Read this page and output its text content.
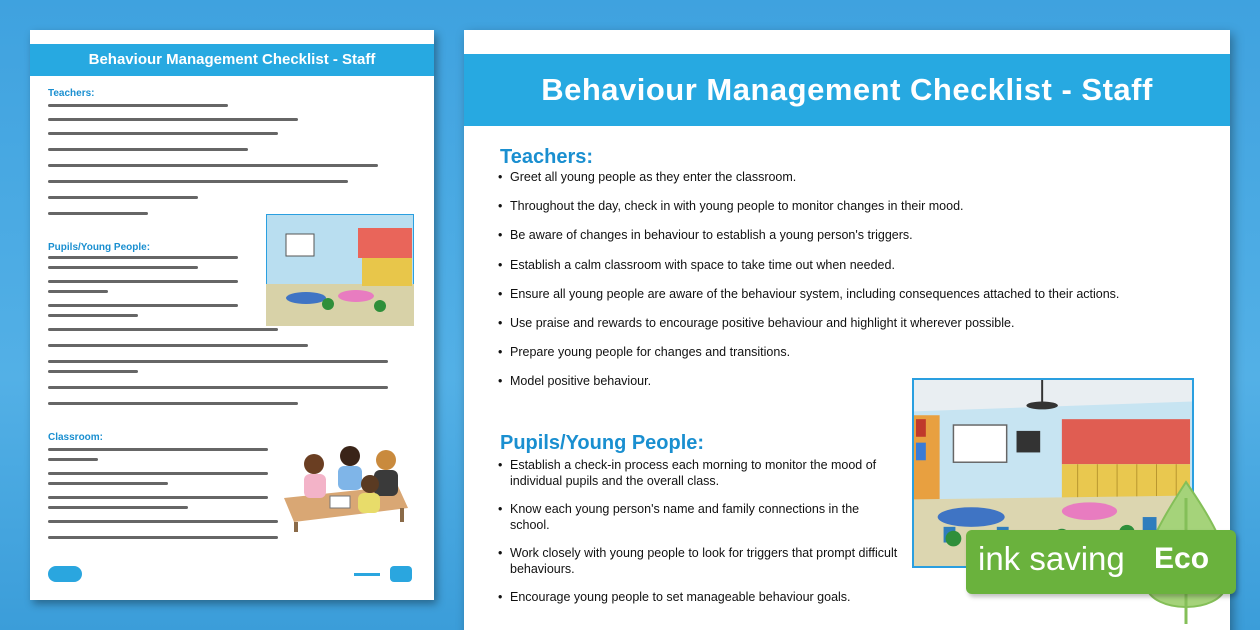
Behaviour Management Checklist - Staff
Teachers:
Pupils/Young People:
Classroom:
Behaviour Management Checklist - Staff
Teachers:
• Greet all young people as they enter the classroom.
• Throughout the day, check in with young people to monitor changes in their mood.
• Be aware of changes in behaviour to establish a young person's triggers.
• Establish a calm classroom with space to take time out when needed.
• Ensure all young people are aware of the behaviour system, including consequences attached to their actions.
• Use praise and rewards to encourage positive behaviour and highlight it wherever possible.
• Prepare young people for changes and transitions.
• Model positive behaviour.
Pupils/Young People:
• Establish a check-in process each morning to monitor the mood of individual pupils and the overall class.
• Know each young person's name and family connections in the school.
• Work closely with young people to look for triggers that prompt difficult behaviours.
• Encourage young people to set manageable behaviour goals.
ink saving Eco
